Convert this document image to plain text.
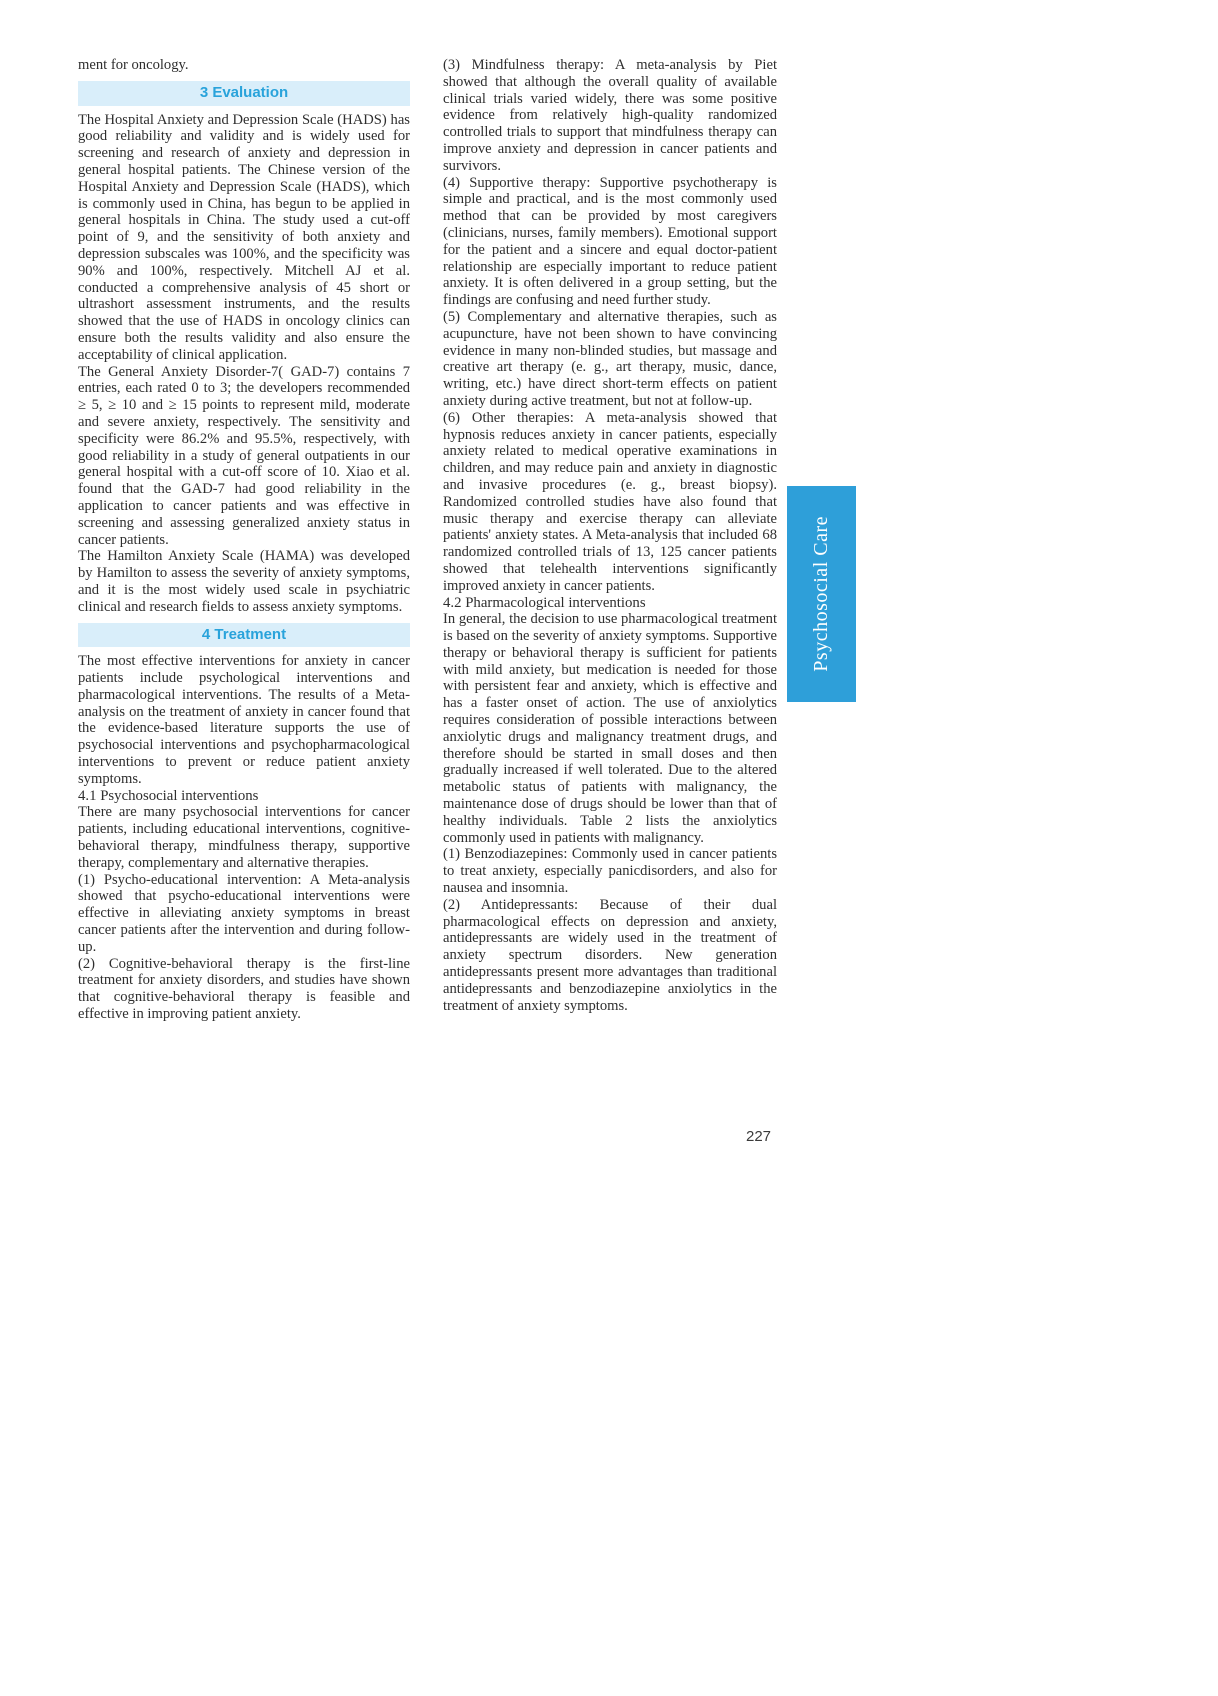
ment for oncology.

3 Evaluation

The Hospital Anxiety and Depression Scale (HADS) has good reliability and validity and is widely used for screening and research of anxiety and depression in general hospital patients. The Chinese version of the Hospital Anxiety and Depression Scale (HADS), which is commonly used in China, has begun to be applied in general hospitals in China. The study used a cut-off point of 9, and the sensitivity of both anxiety and depression subscales was 100%, and the specificity was 90% and 100%, respectively. Mitchell AJ et al. conducted a comprehensive analysis of 45 short or ultrashort assessment instruments, and the results showed that the use of HADS in oncology clinics can ensure both the results validity and also ensure the acceptability of clinical application.

The General Anxiety Disorder-7( GAD-7) contains 7 entries, each rated 0 to 3; the developers recommended ≥ 5, ≥ 10 and ≥ 15 points to represent mild, moderate and severe anxiety, respectively. The sensitivity and specificity were 86.2% and 95.5%, respectively, with good reliability in a study of general outpatients in our general hospital with a cut-off score of 10. Xiao et al. found that the GAD-7 had good reliability in the application to cancer patients and was effective in screening and assessing generalized anxiety status in cancer patients.

The Hamilton Anxiety Scale (HAMA) was developed by Hamilton to assess the severity of anxiety symptoms, and it is the most widely used scale in psychiatric clinical and research fields to assess anxiety symptoms.

4 Treatment

The most effective interventions for anxiety in cancer patients include psychological interventions and pharmacological interventions. The results of a Meta-analysis on the treatment of anxiety in cancer found that the evidence-based literature supports the use of psychosocial interventions and psychopharmacological interventions to prevent or reduce patient anxiety symptoms.

4.1 Psychosocial interventions

There are many psychosocial interventions for cancer patients, including educational interventions, cognitive-behavioral therapy, mindfulness therapy, supportive therapy, complementary and alternative therapies.

(1) Psycho-educational intervention: A Meta-analysis showed that psycho-educational interventions were effective in alleviating anxiety symptoms in breast cancer patients after the intervention and during follow-up.

(2) Cognitive-behavioral therapy is the first-line treatment for anxiety disorders, and studies have shown that cognitive-behavioral therapy is feasible and effective in improving patient anxiety.

(3) Mindfulness therapy: A meta-analysis by Piet showed that although the overall quality of available clinical trials varied widely, there was some positive evidence from relatively high-quality randomized controlled trials to support that mindfulness therapy can improve anxiety and depression in cancer patients and survivors.

(4) Supportive therapy: Supportive psychotherapy is simple and practical, and is the most commonly used method that can be provided by most caregivers (clinicians, nurses, family members). Emotional support for the patient and a sincere and equal doctor-patient relationship are especially important to reduce patient anxiety. It is often delivered in a group setting, but the findings are confusing and need further study.

(5) Complementary and alternative therapies, such as acupuncture, have not been shown to have convincing evidence in many non-blinded studies, but massage and creative art therapy (e. g., art therapy, music, dance, writing, etc.) have direct short-term effects on patient anxiety during active treatment, but not at follow-up.

(6) Other therapies: A meta-analysis showed that hypnosis reduces anxiety in cancer patients, especially anxiety related to medical operative examinations in children, and may reduce pain and anxiety in diagnostic and invasive procedures (e. g., breast biopsy). Randomized controlled studies have also found that music therapy and exercise therapy can alleviate patients' anxiety states. A Meta-analysis that included 68 randomized controlled trials of 13, 125 cancer patients showed that telehealth interventions significantly improved anxiety in cancer patients.

4.2 Pharmacological interventions

In general, the decision to use pharmacological treatment is based on the severity of anxiety symptoms. Supportive therapy or behavioral therapy is sufficient for patients with mild anxiety, but medication is needed for those with persistent fear and anxiety, which is effective and has a faster onset of action. The use of anxiolytics requires consideration of possible interactions between anxiolytic drugs and malignancy treatment drugs, and therefore should be started in small doses and then gradually increased if well tolerated. Due to the altered metabolic status of patients with malignancy, the maintenance dose of drugs should be lower than that of healthy individuals. Table 2 lists the anxiolytics commonly used in patients with malignancy.

(1) Benzodiazepines: Commonly used in cancer patients to treat anxiety, especially panicdisorders, and also for nausea and insomnia.

(2) Antidepressants: Because of their dual pharmacological effects on depression and anxiety, antidepressants are widely used in the treatment of anxiety spectrum disorders. New generation antidepressants present more advantages than traditional antidepressants and benzodiazepine anxiolytics in the treatment of anxiety symptoms.

Psychosocial Care
227
